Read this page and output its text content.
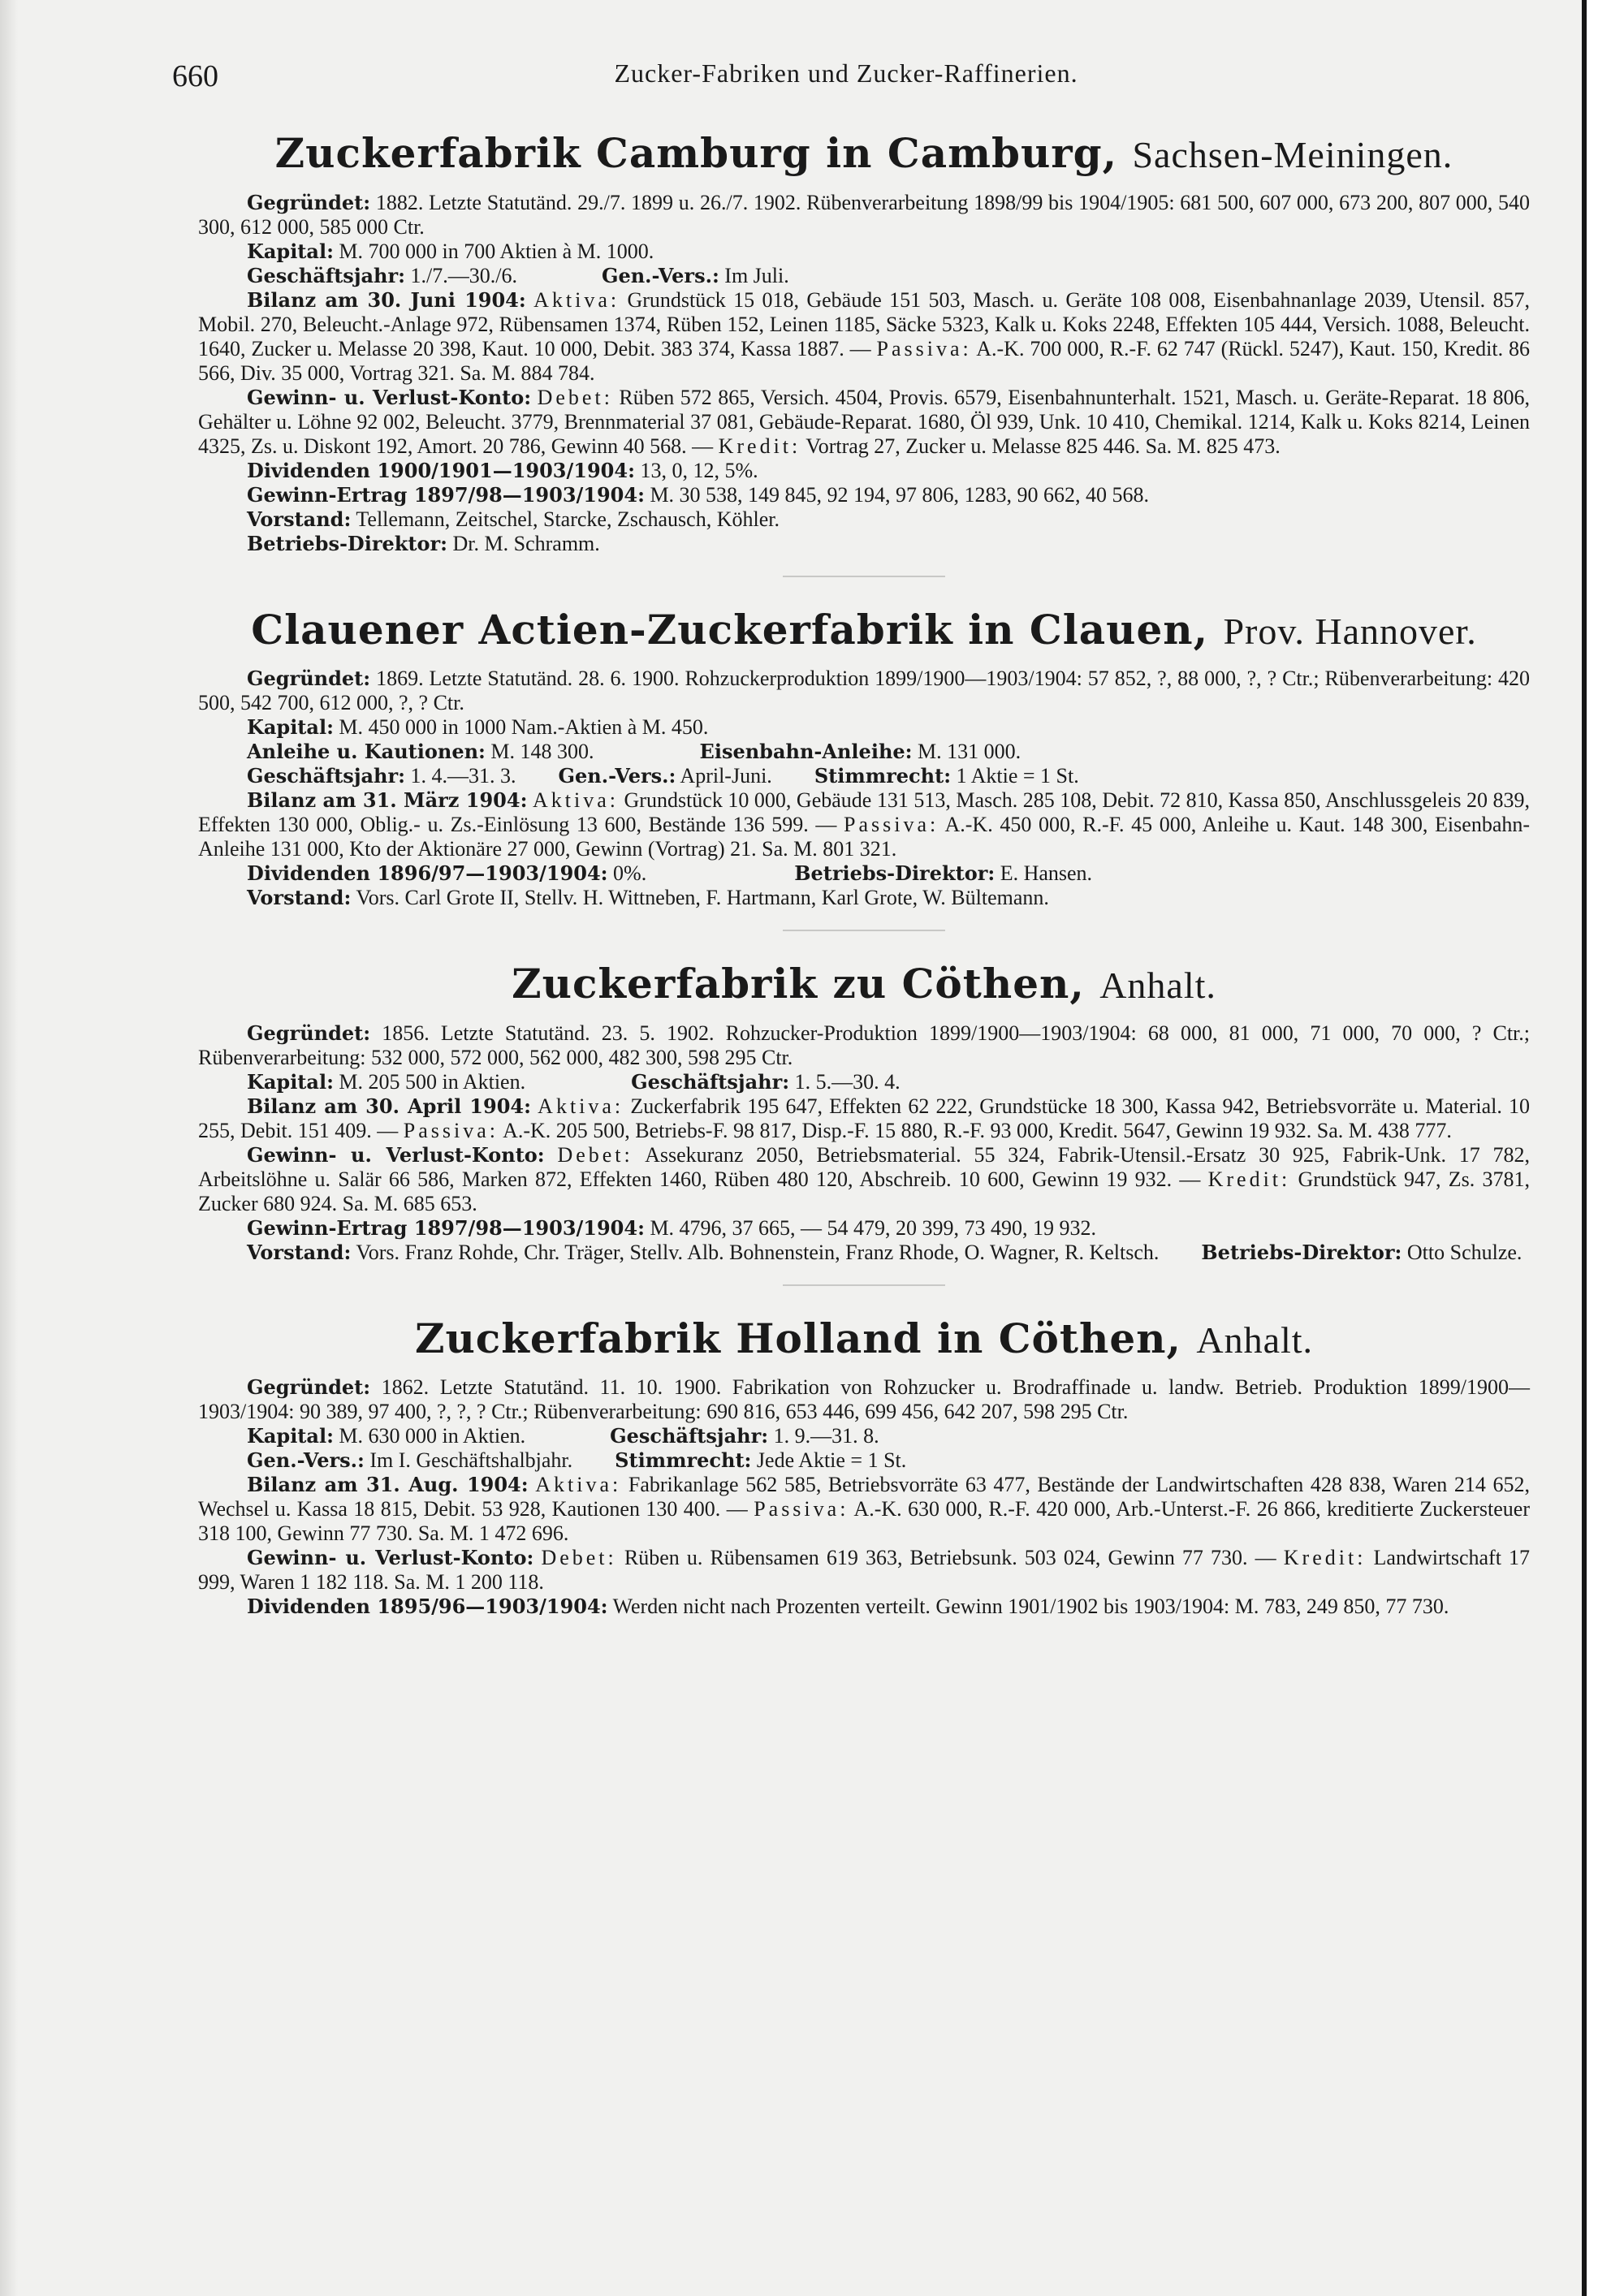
660	Zucker-Fabriken und Zucker-Raffinerien.
Zuckerfabrik Camburg in Camburg, Sachsen-Meiningen.

Gegründet: 1882. Letzte Statutänd. 29./7. 1899 u. 26./7. 1902. Rübenverarbeitung 1898/99 bis 1904/1905: 681 500, 607 000, 673 200, 807 000, 540 300, 612 000, 585 000 Ctr.

Kapital: M. 700 000 in 700 Aktien à M. 1000.

Geschäftsjahr: 1./7.—30./6.    	Gen.-Vers.: Im Juli.

Bilanz am 30. Juni 1904: Aktiva: Grundstück 15 018, Gebäude 151 503, Masch. u. Geräte 108 008, Eisenbahnanlage 2039, Utensil. 857, Mobil. 270, Beleucht.-Anlage 972, Rübensamen 1374, Rüben 152, Leinen 1185, Säcke 5323, Kalk u. Koks 2248, Effekten 105 444, Versich. 1088, Beleucht. 1640, Zucker u. Melasse 20 398, Kaut. 10 000, Debit. 383 374, Kassa 1887. — Passiva: A.-K. 700 000, R.-F. 62 747 (Rückl. 5247), Kaut. 150, Kredit. 86 566, Div. 35 000, Vortrag 321. Sa. M. 884 784.

Gewinn- u. Verlust-Konto: Debet: Rüben 572 865, Versich. 4504, Provis. 6579, Eisenbahnunterhalt. 1521, Masch. u. Geräte-Reparat. 18 806, Gehälter u. Löhne 92 002, Beleucht. 3779, Brennmaterial 37 081, Gebäude-Reparat. 1680, Öl 939, Unk. 10 410, Chemikal. 1214, Kalk u. Koks 8214, Leinen 4325, Zs. u. Diskont 192, Amort. 20 786, Gewinn 40 568. — Kredit: Vortrag 27, Zucker u. Melasse 825 446. Sa. M. 825 473.

Dividenden 1900/1901—1903/1904: 13, 0, 12, 5%.

Gewinn-Ertrag 1897/98—1903/1904: M. 30 538, 149 845, 92 194, 97 806, 1283, 90 662, 40 568.

Vorstand: Tellemann, Zeitschel, Starcke, Zschausch, Köhler.

Betriebs-Direktor: Dr. M. Schramm.

Clauener Actien-Zuckerfabrik in Clauen, Prov. Hannover.

Gegründet: 1869. Letzte Statutänd. 28. 6. 1900. Rohzuckerproduktion 1899/1900—1903/1904: 57 852, ?, 88 000, ?, ? Ctr.; Rübenverarbeitung: 420 500, 542 700, 612 000, ?, ? Ctr.

Kapital: M. 450 000 in 1000 Nam.-Aktien à M. 450.

Anleihe u. Kautionen: M. 148 300.     	Eisenbahn-Anleihe: M. 131 000.

Geschäftsjahr: 1. 4.—31. 3.   Gen.-Vers.: April-Juni.   Stimmrecht: 1 Aktie = 1 St.

Bilanz am 31. März 1904: Aktiva: Grundstück 10 000, Gebäude 131 513, Masch. 285 108, Debit. 72 810, Kassa 850, Anschlussgeleis 20 839, Effekten 130 000, Oblig.- u. Zs.-Einlösung 13 600, Bestände 136 599. — Passiva: A.-K. 450 000, R.-F. 45 000, Anleihe u. Kaut. 148 300, Eisenbahn-Anleihe 131 000, Kto der Aktionäre 27 000, Gewinn (Vortrag) 21. Sa. M. 801 321.

Dividenden 1896/97—1903/1904: 0%.       	Betriebs-Direktor: E. Hansen.

Vorstand: Vors. Carl Grote II, Stellv. H. Wittneben, F. Hartmann, Karl Grote, W. Bültemann.

Zuckerfabrik zu Cöthen, Anhalt.

Gegründet: 1856. Letzte Statutänd. 23. 5. 1902. Rohzucker-Produktion 1899/1900—1903/1904: 68 000, 81 000, 71 000, 70 000, ? Ctr.; Rübenverarbeitung: 532 000, 572 000, 562 000, 482 300, 598 295 Ctr.

Kapital: M. 205 500 in Aktien.     	Geschäftsjahr: 1. 5.—30. 4.

Bilanz am 30. April 1904: Aktiva: Zuckerfabrik 195 647, Effekten 62 222, Grundstücke 18 300, Kassa 942, Betriebsvorräte u. Material. 10 255, Debit. 151 409. — Passiva: A.-K. 205 500, Betriebs-F. 98 817, Disp.-F. 15 880, R.-F. 93 000, Kredit. 5647, Gewinn 19 932. Sa. M. 438 777.

Gewinn- u. Verlust-Konto: Debet: Assekuranz 2050, Betriebsmaterial. 55 324, Fabrik-Utensil.-Ersatz 30 925, Fabrik-Unk. 17 782, Arbeitslöhne u. Salär 66 586, Marken 872, Effekten 1460, Rüben 480 120, Abschreib. 10 600, Gewinn 19 932. — Kredit: Grundstück 947, Zs. 3781, Zucker 680 924. Sa. M. 685 653.

Gewinn-Ertrag 1897/98—1903/1904: M. 4796, 37 665, — 54 479, 20 399, 73 490, 19 932.

Vorstand: Vors. Franz Rohde, Chr. Träger, Stellv. Alb. Bohnenstein, Franz Rhode, O. Wagner, R. Keltsch.   Betriebs-Direktor: Otto Schulze.

Zuckerfabrik Holland in Cöthen, Anhalt.

Gegründet: 1862. Letzte Statutänd. 11. 10. 1900. Fabrikation von Rohzucker u. Brodraffinade u. landw. Betrieb. Produktion 1899/1900—1903/1904: 90 389, 97 400, ?, ?, ? Ctr.; Rübenverarbeitung: 690 816, 653 446, 699 456, 642 207, 598 295 Ctr.

Kapital: M. 630 000 in Aktien.    	Geschäftsjahr: 1. 9.—31. 8.

Gen.-Vers.: Im I. Geschäftshalbjahr.   Stimmrecht: Jede Aktie = 1 St.

Bilanz am 31. Aug. 1904: Aktiva: Fabrikanlage 562 585, Betriebsvorräte 63 477, Bestände der Landwirtschaften 428 838, Waren 214 652, Wechsel u. Kassa 18 815, Debit. 53 928, Kautionen 130 400. — Passiva: A.-K. 630 000, R.-F. 420 000, Arb.-Unterst.-F. 26 866, kreditierte Zuckersteuer 318 100, Gewinn 77 730. Sa. M. 1 472 696.

Gewinn- u. Verlust-Konto: Debet: Rüben u. Rübensamen 619 363, Betriebsunk. 503 024, Gewinn 77 730. — Kredit: Landwirtschaft 17 999, Waren 1 182 118. Sa. M. 1 200 118.

Dividenden 1895/96—1903/1904: Werden nicht nach Prozenten verteilt. Gewinn 1901/1902 bis 1903/1904: M. 783, 249 850, 77 730.
